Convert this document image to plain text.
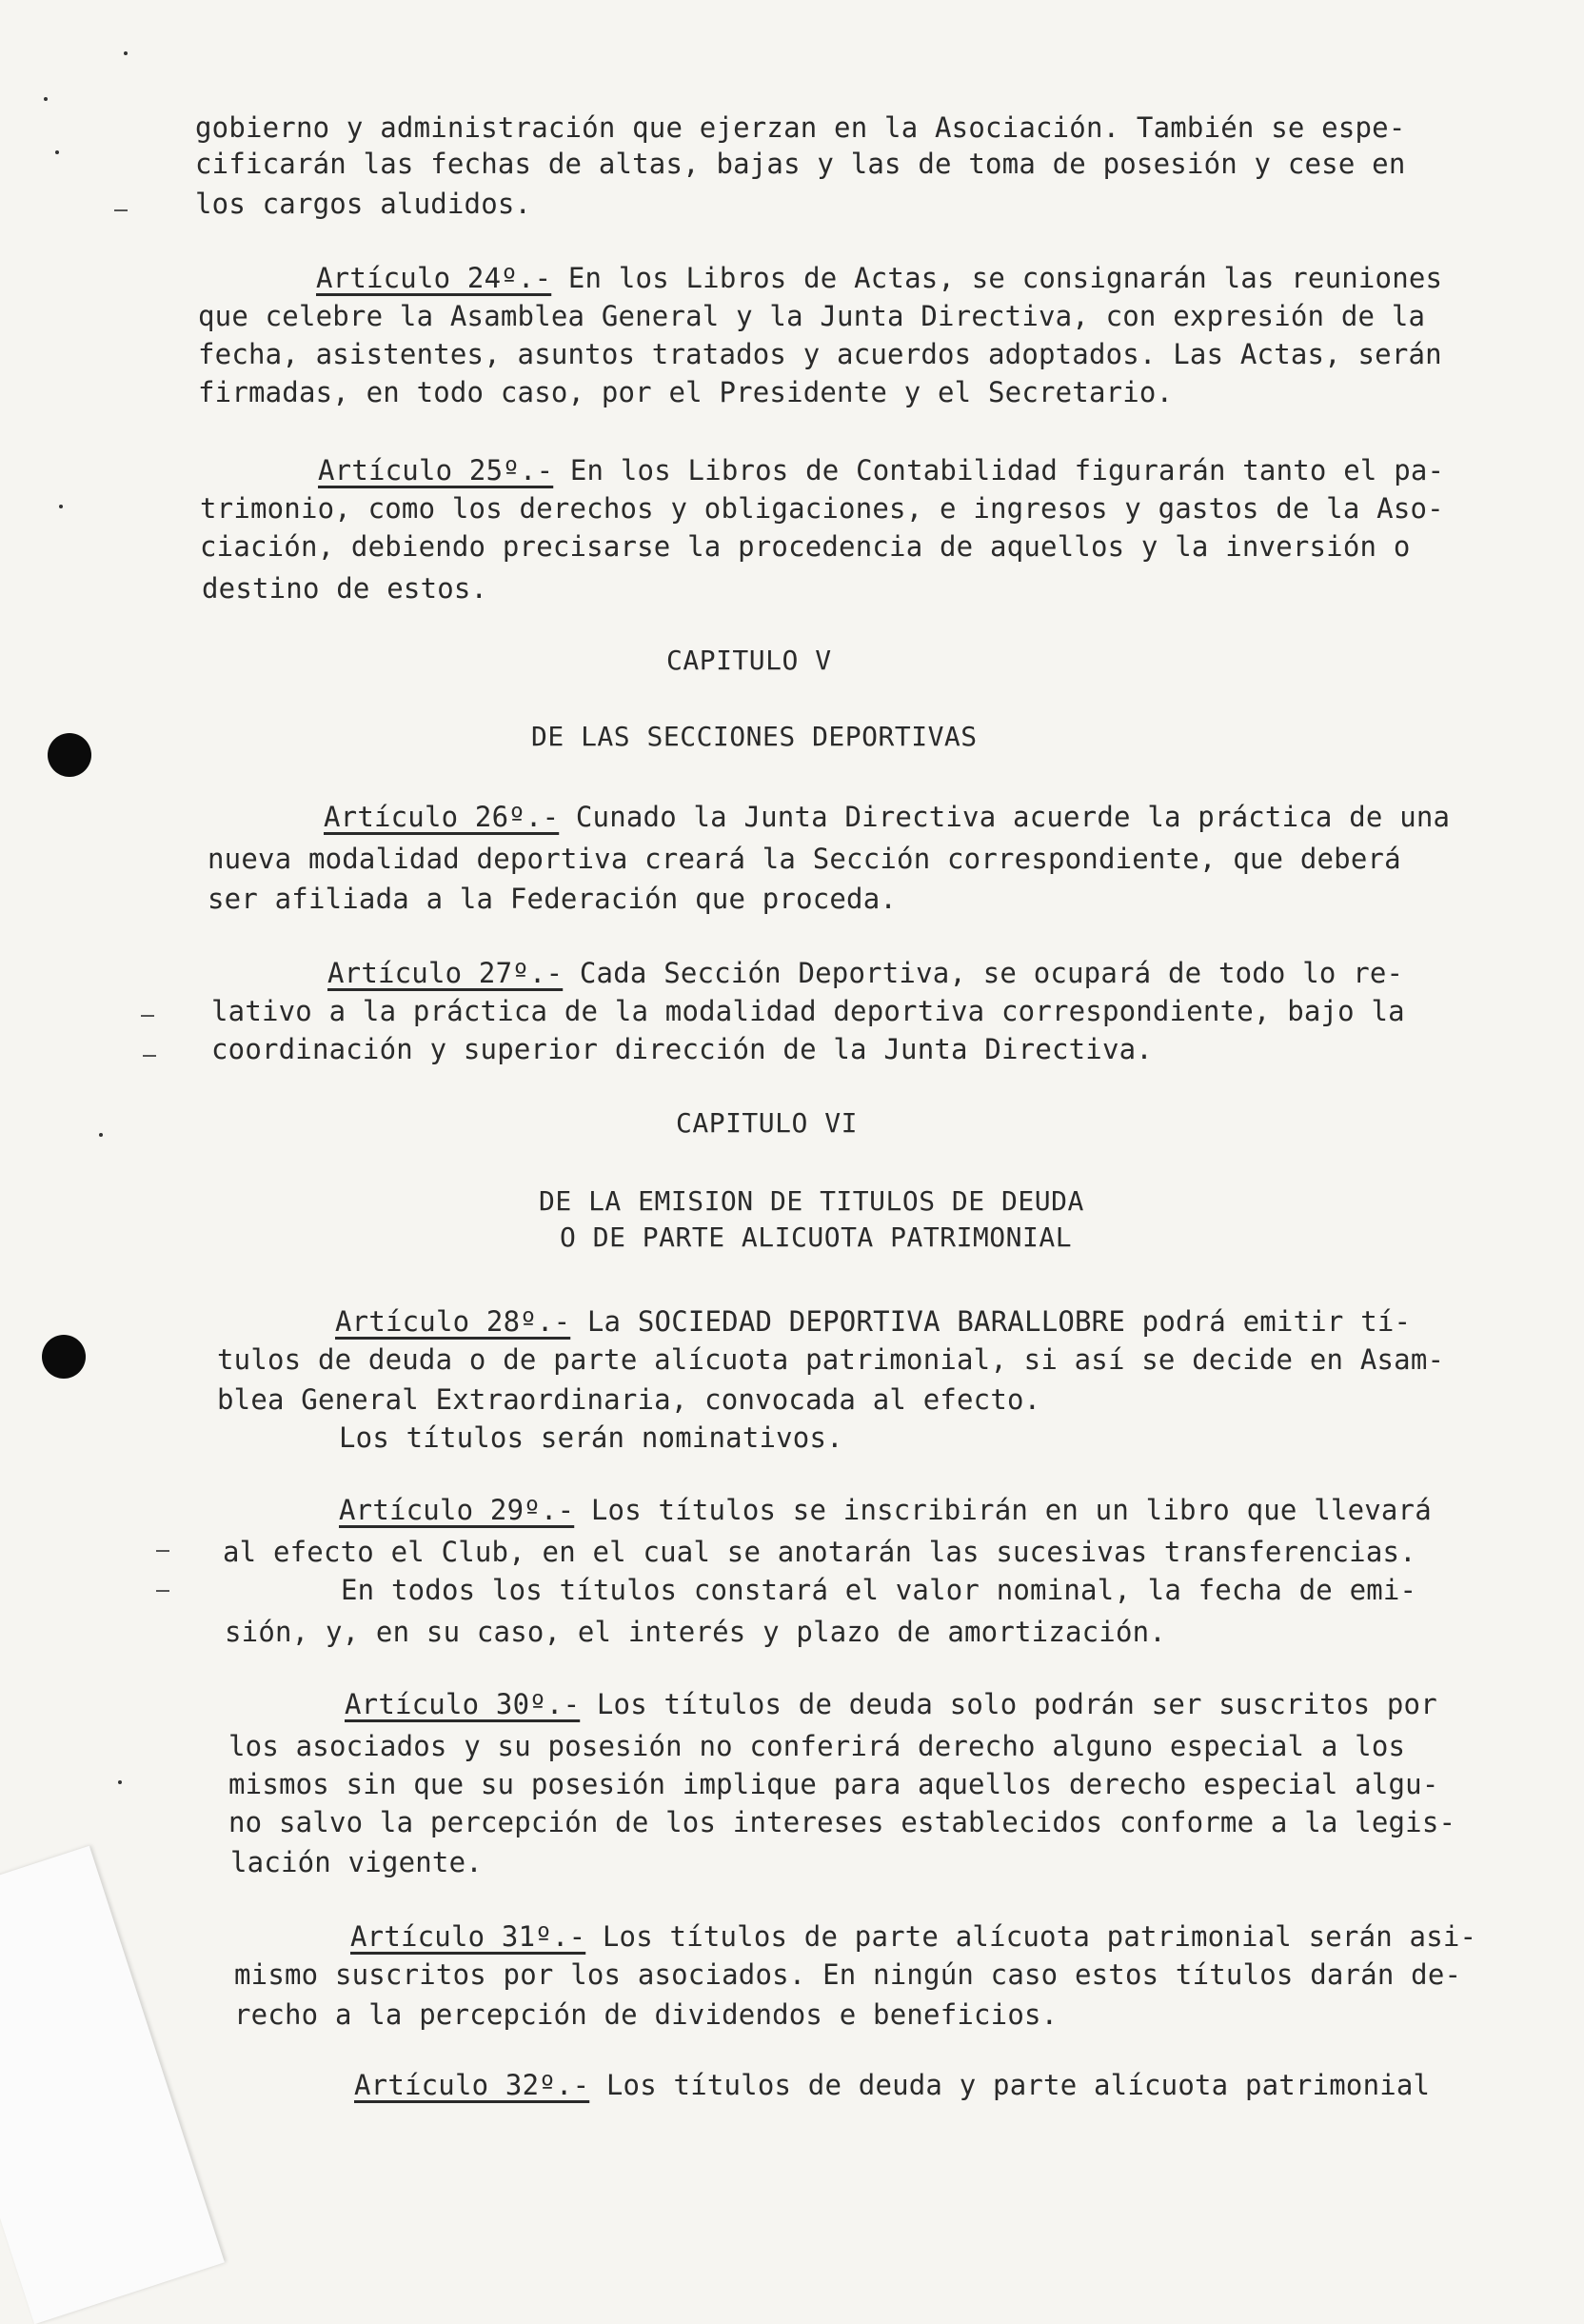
gobierno y administración que ejerzan en la Asociación. También se espe-
cificarán las fechas de altas, bajas y las de toma de posesión y cese en
los cargos aludidos.
Artículo 24º.- En los Libros de Actas, se consignarán las reuniones
que celebre la Asamblea General y la Junta Directiva, con expresión de la
fecha, asistentes, asuntos tratados y acuerdos adoptados. Las Actas, serán
firmadas, en todo caso, por el Presidente y el Secretario.
Artículo 25º.- En los Libros de Contabilidad figurarán tanto el pa-
trimonio, como los derechos y obligaciones, e ingresos y gastos de la Aso-
ciación, debiendo precisarse la procedencia de aquellos y la inversión o
destino de estos.
CAPITULO V
DE LAS SECCIONES DEPORTIVAS
Artículo 26º.- Cunado la Junta Directiva acuerde la práctica de una
nueva modalidad deportiva creará la Sección correspondiente, que deberá
ser afiliada a la Federación que proceda.
Artículo 27º.- Cada Sección Deportiva, se ocupará de todo lo re-
lativo a la práctica de la modalidad deportiva correspondiente, bajo la
coordinación y superior dirección de la Junta Directiva.
CAPITULO VI
DE LA EMISION DE TITULOS DE DEUDA
O DE PARTE ALICUOTA PATRIMONIAL
Artículo 28º.- La SOCIEDAD DEPORTIVA BARALLOBRE podrá emitir tí-
tulos de deuda o de parte alícuota patrimonial, si así se decide en Asam-
blea General Extraordinaria, convocada al efecto.
Los títulos serán nominativos.
Artículo 29º.- Los títulos se inscribirán en un libro que llevará
al efecto el Club, en el cual se anotarán las sucesivas transferencias.
En todos los títulos constará el valor nominal, la fecha de emi-
sión, y, en su caso, el interés y plazo de amortización.
Artículo 30º.- Los títulos de deuda solo podrán ser suscritos por
los asociados y su posesión no conferirá derecho alguno especial a los
mismos sin que su posesión implique para aquellos derecho especial algu-
no salvo la percepción de los intereses establecidos conforme a la legis-
lación vigente.
Artículo 31º.- Los títulos de parte alícuota patrimonial serán asi-
mismo suscritos por los asociados. En ningún caso estos títulos darán de-
recho a la percepción de dividendos e beneficios.
Artículo 32º.- Los títulos de deuda y parte alícuota patrimonial
